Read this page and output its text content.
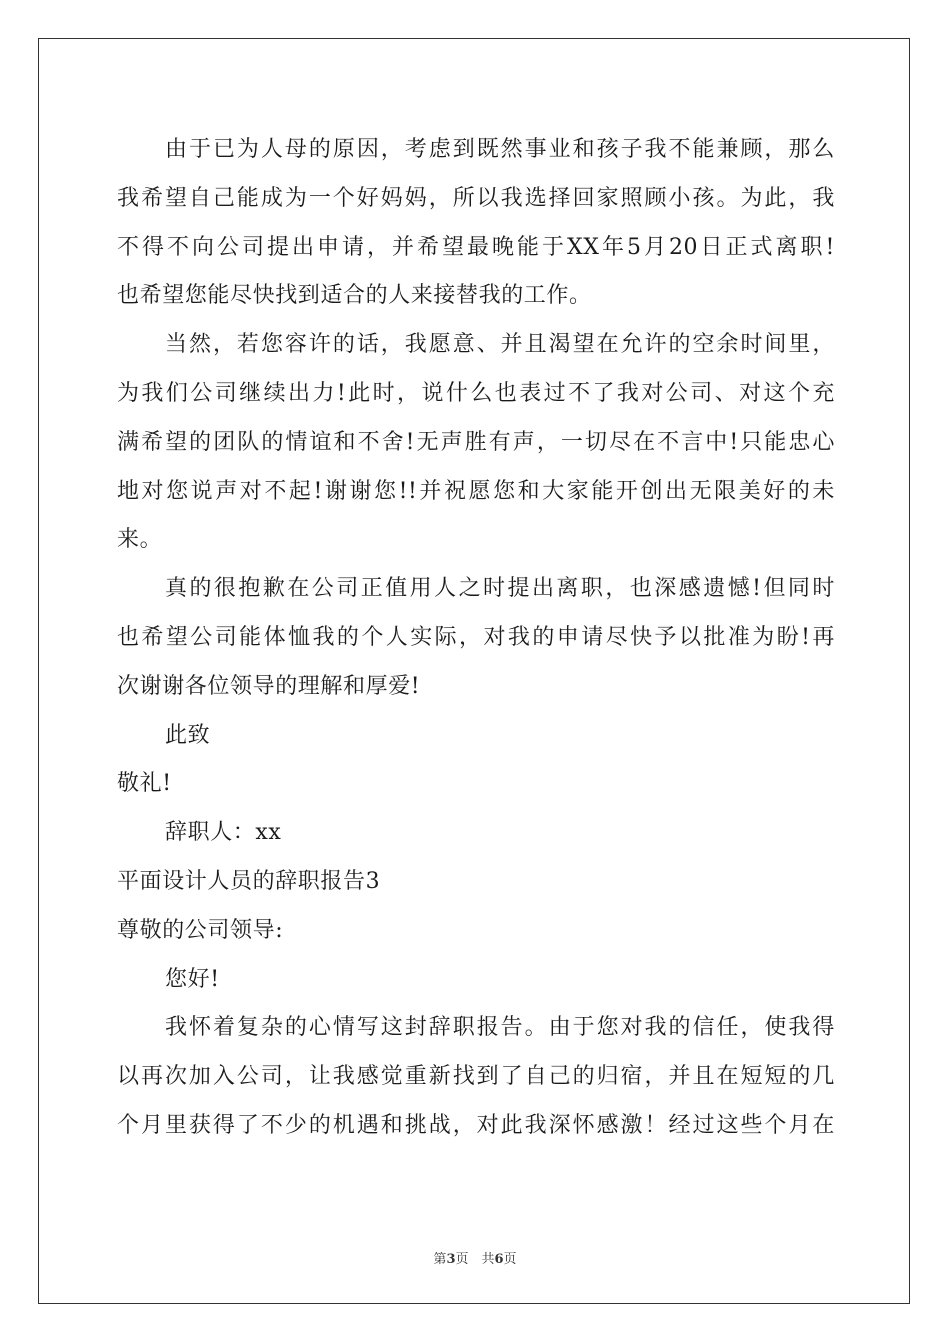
由于已为人母的原因，考虑到既然事业和孩子我不能兼顾，那么
我希望自己能成为一个好妈妈，所以我选择回家照顾小孩。为此，我
不得不向公司提出申请，并希望最晚能于XX年5月20日正式离职!
也希望您能尽快找到适合的人来接替我的工作。
当然，若您容许的话，我愿意、并且渴望在允许的空余时间里，
为我们公司继续出力!此时，说什么也表过不了我对公司、对这个充
满希望的团队的情谊和不舍!无声胜有声，一切尽在不言中!只能忠心
地对您说声对不起!谢谢您!!并祝愿您和大家能开创出无限美好的未
来。
真的很抱歉在公司正值用人之时提出离职，也深感遗憾!但同时
也希望公司能体恤我的个人实际，对我的申请尽快予以批准为盼!再
次谢谢各位领导的理解和厚爱!
此致
敬礼!
辞职人：xx
平面设计人员的辞职报告3
尊敬的公司领导:
您好!
我怀着复杂的心情写这封辞职报告。由于您对我的信任，使我得
以再次加入公司，让我感觉重新找到了自己的归宿，并且在短短的几
个月里获得了不少的机遇和挑战，对此我深怀感激！经过这些个月在
第3页　共6页
